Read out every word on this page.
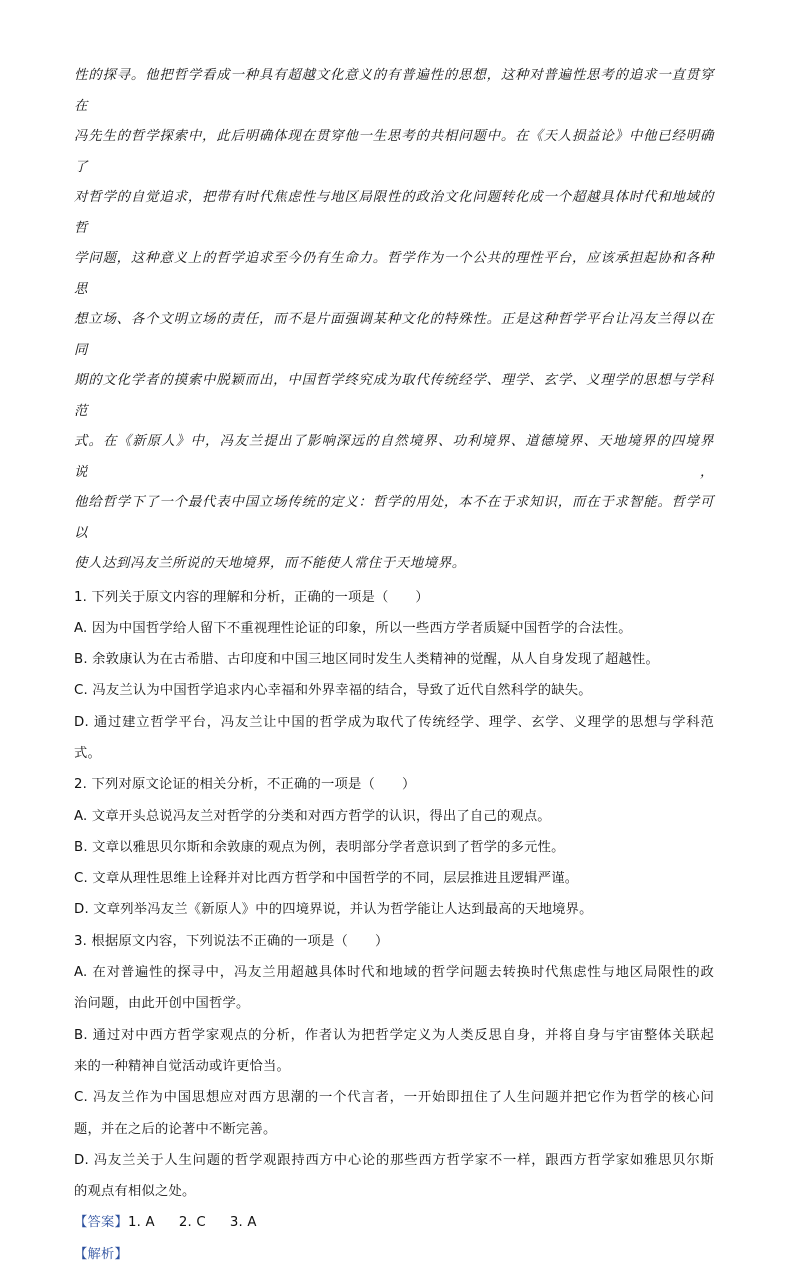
性的探寻。他把哲学看成一种具有超越文化意义的有普遍性的思想，这种对普遍性思考的追求一直贯穿在

冯先生的哲学探索中，此后明确体现在贯穿他一生思考的共相问题中。在《天人损益论》中他已经明确了

对哲学的自觉追求，把带有时代焦虑性与地区局限性的政治文化问题转化成一个超越具体时代和地域的哲

学问题，这种意义上的哲学追求至今仍有生命力。哲学作为一个公共的理性平台，应该承担起协和各种思

想立场、各个文明立场的责任，而不是片面强调某种文化的特殊性。正是这种哲学平台让冯友兰得以在同

期的文化学者的摸索中脱颖而出，中国哲学终究成为取代传统经学、理学、玄学、义理学的思想与学科范

式。在《新原人》中，冯友兰提出了影响深远的自然境界、功利境界、道德境界、天地境界的四境界说，

他给哲学下了一个最代表中国立场传统的定义：哲学的用处，本不在于求知识，而在于求智能。哲学可以

使人达到冯友兰所说的天地境界，而不能使人常住于天地境界。

1. 下列关于原文内容的理解和分析，正确的一项是（　　）

A. 因为中国哲学给人留下不重视理性论证的印象，所以一些西方学者质疑中国哲学的合法性。

B. 余敦康认为在古希腊、古印度和中国三地区同时发生人类精神的觉醒，从人自身发现了超越性。

C. 冯友兰认为中国哲学追求内心幸福和外界幸福的结合，导致了近代自然科学的缺失。

D. 通过建立哲学平台，冯友兰让中国的哲学成为取代了传统经学、理学、玄学、义理学的思想与学科范

式。

2. 下列对原文论证的相关分析，不正确的一项是（　　）

A. 文章开头总说冯友兰对哲学的分类和对西方哲学的认识，得出了自己的观点。

B. 文章以雅思贝尔斯和余敦康的观点为例，表明部分学者意识到了哲学的多元性。

C. 文章从理性思维上诠释并对比西方哲学和中国哲学的不同，层层推进且逻辑严谨。

D. 文章列举冯友兰《新原人》中的四境界说，并认为哲学能让人达到最高的天地境界。

3. 根据原文内容，下列说法不正确的一项是（　　）

A. 在对普遍性的探寻中，冯友兰用超越具体时代和地域的哲学问题去转换时代焦虑性与地区局限性的政

治问题，由此开创中国哲学。

B. 通过对中西方哲学家观点的分析，作者认为把哲学定义为人类反思自身，并将自身与宇宙整体关联起

来的一种精神自觉活动或许更恰当。

C. 冯友兰作为中国思想应对西方思潮的一个代言者，一开始即扭住了人生问题并把它作为哲学的核心问

题，并在之后的论著中不断完善。

D. 冯友兰关于人生问题的哲学观跟持西方中心论的那些西方哲学家不一样，跟西方哲学家如雅思贝尔斯

的观点有相似之处。

【答案】1. A 2. C 3. A

【解析】
